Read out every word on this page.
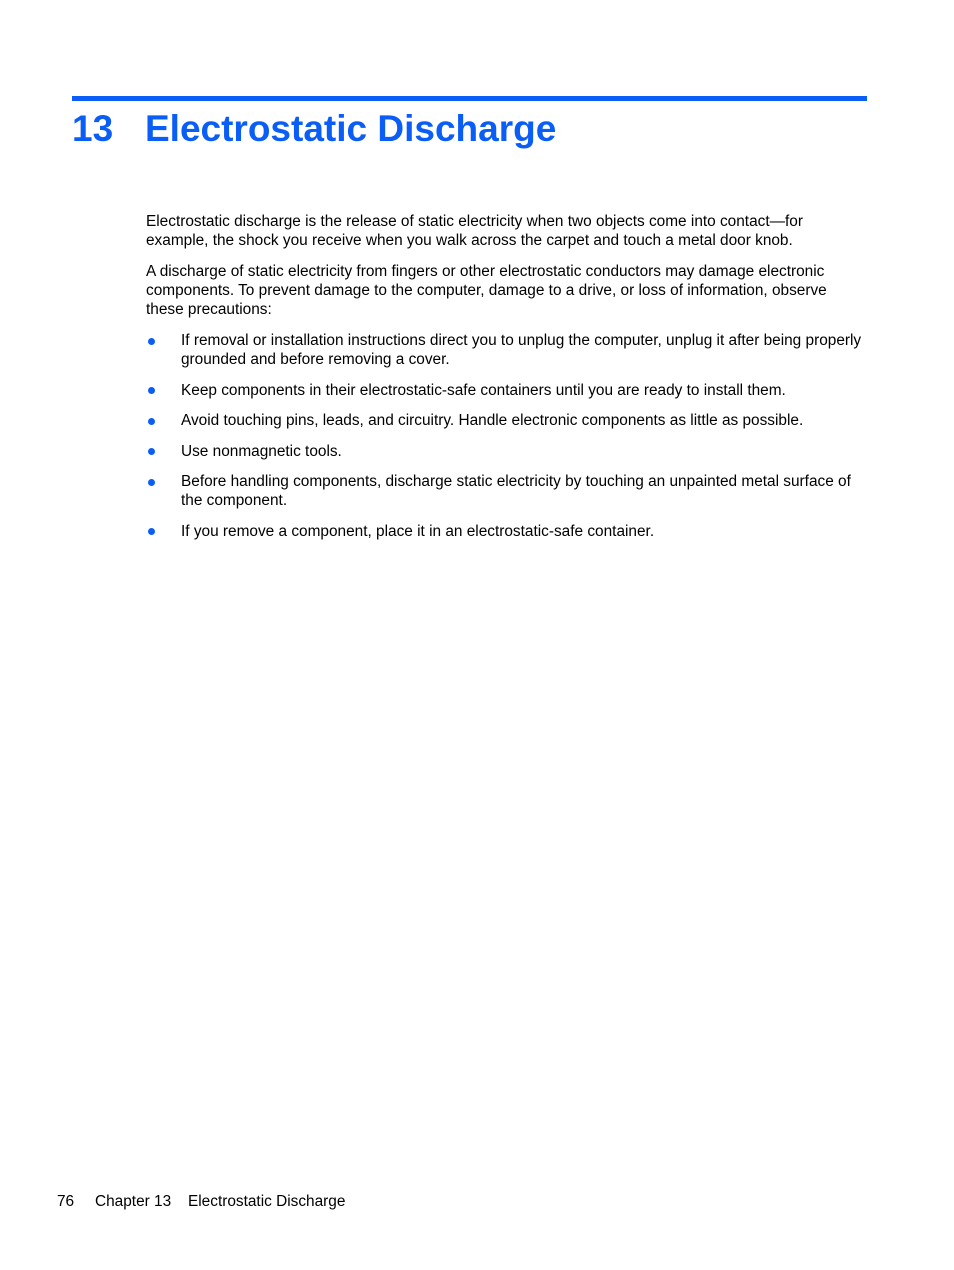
13 Electrostatic Discharge

Electrostatic discharge is the release of static electricity when two objects come into contact—for example, the shock you receive when you walk across the carpet and touch a metal door knob.

A discharge of static electricity from fingers or other electrostatic conductors may damage electronic components. To prevent damage to the computer, damage to a drive, or loss of information, observe these precautions:

If removal or installation instructions direct you to unplug the computer, unplug it after being properly grounded and before removing a cover.
Keep components in their electrostatic-safe containers until you are ready to install them.
Avoid touching pins, leads, and circuitry. Handle electronic components as little as possible.
Use nonmagnetic tools.
Before handling components, discharge static electricity by touching an unpainted metal surface of the component.
If you remove a component, place it in an electrostatic-safe container.
76 Chapter 13 Electrostatic Discharge
